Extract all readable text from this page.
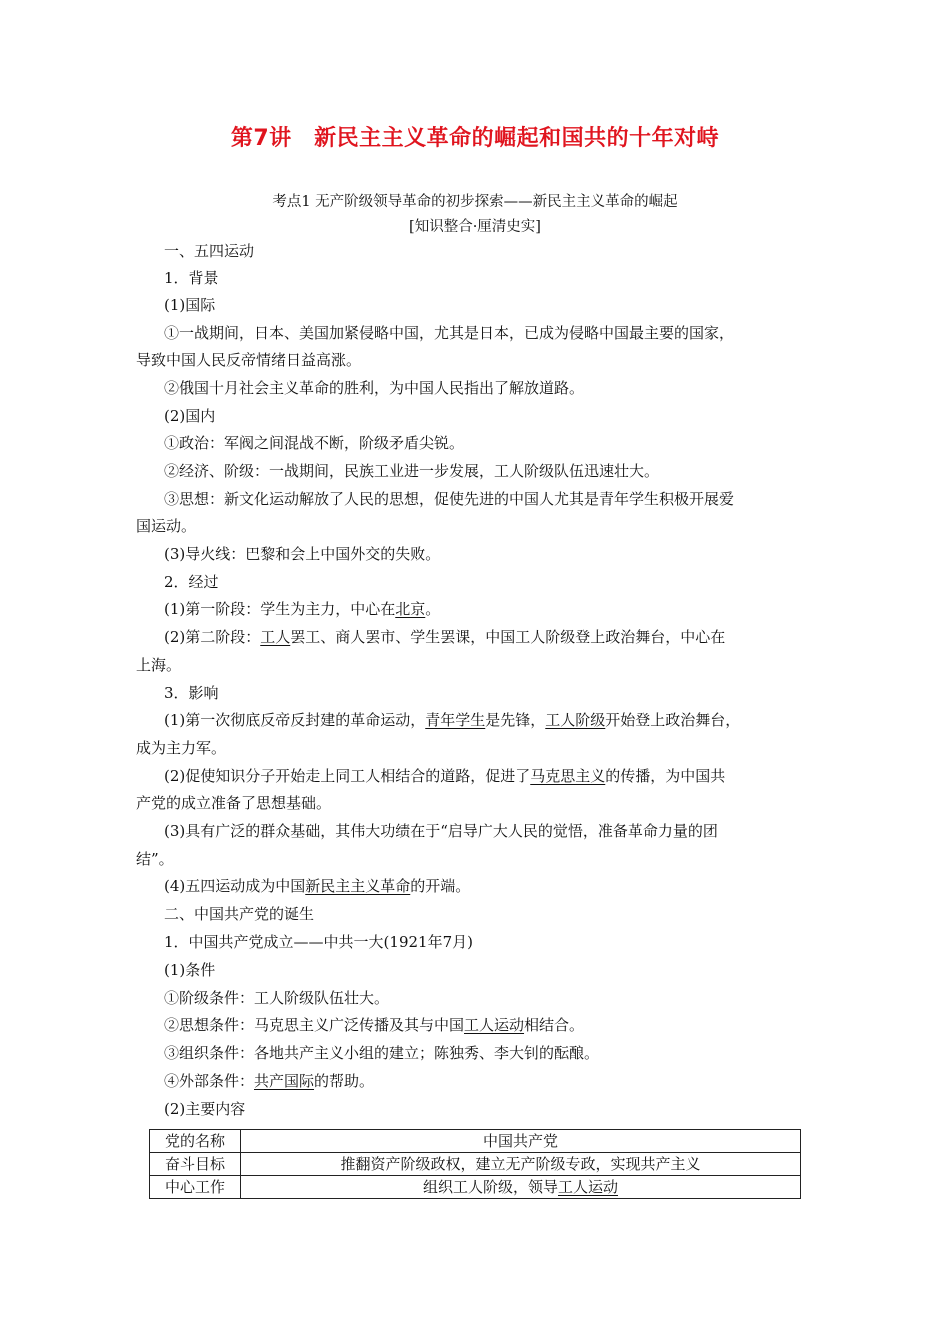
第7讲　新民主主义革命的崛起和国共的十年对峙
考点1 无产阶级领导革命的初步探索——新民主主义革命的崛起
[知识整合·厘清史实]
一、五四运动
1．背景
(1)国际
①一战期间，日本、美国加紧侵略中国，尤其是日本，已成为侵略中国最主要的国家，
导致中国人民反帝情绪日益高涨。
②俄国十月社会主义革命的胜利，为中国人民指出了解放道路。
(2)国内
①政治：军阀之间混战不断，阶级矛盾尖锐。
②经济、阶级：一战期间，民族工业进一步发展，工人阶级队伍迅速壮大。
③思想：新文化运动解放了人民的思想，促使先进的中国人尤其是青年学生积极开展爱
国运动。
(3)导火线：巴黎和会上中国外交的失败。
2．经过
(1)第一阶段：学生为主力，中心在北京。
(2)第二阶段：工人罢工、商人罢市、学生罢课，中国工人阶级登上政治舞台，中心在
上海。
3．影响
(1)第一次彻底反帝反封建的革命运动，青年学生是先锋，工人阶级开始登上政治舞台，
成为主力军。
(2)促使知识分子开始走上同工人相结合的道路，促进了马克思主义的传播，为中国共
产党的成立准备了思想基础。
(3)具有广泛的群众基础，其伟大功绩在于“启导广大人民的觉悟，准备革命力量的团
结”。
(4)五四运动成为中国新民主主义革命的开端。
二、中国共产党的诞生
1．中国共产党成立——中共一大(1921年7月)
(1)条件
①阶级条件：工人阶级队伍壮大。
②思想条件：马克思主义广泛传播及其与中国工人运动相结合。
③组织条件：各地共产主义小组的建立；陈独秀、李大钊的酝酿。
④外部条件：共产国际的帮助。
(2)主要内容
党的名称	中国共产党
奋斗目标	推翻资产阶级政权，建立无产阶级专政，实现共产主义
中心工作	组织工人阶级，领导工人运动
